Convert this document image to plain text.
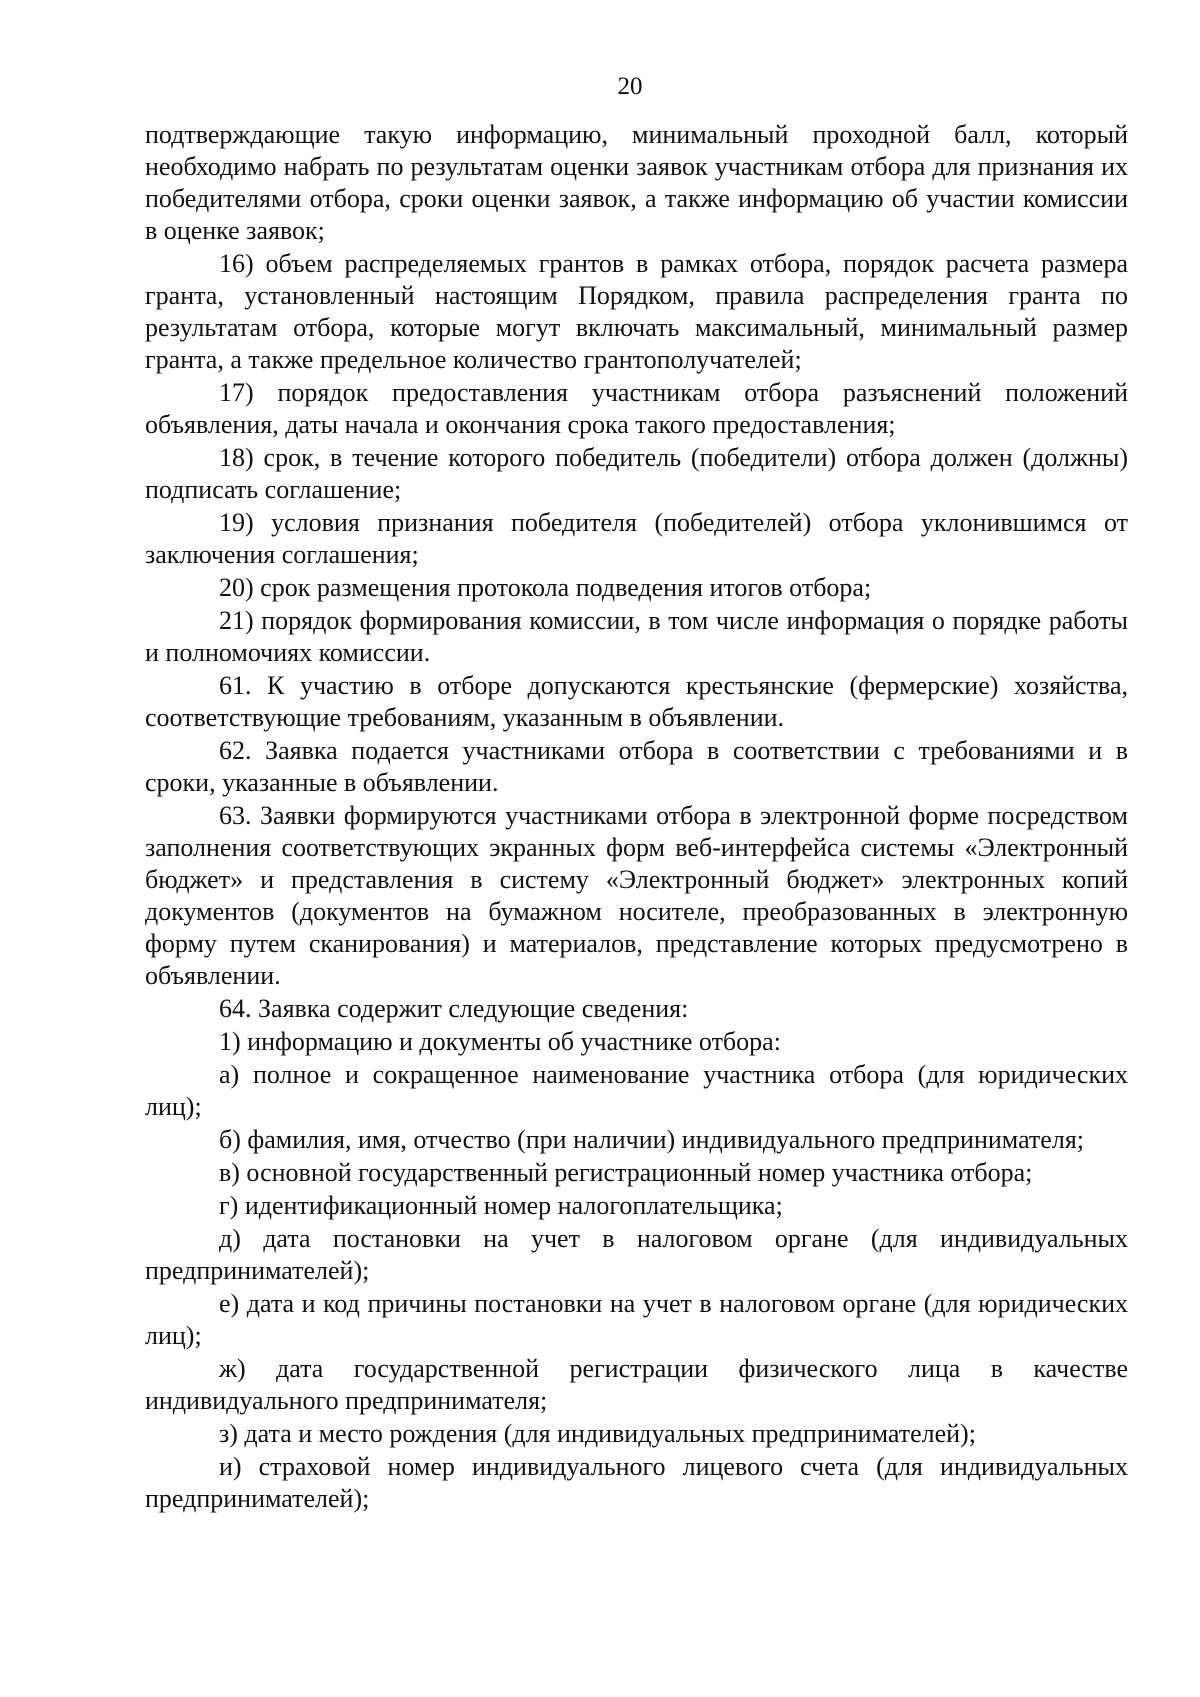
20

подтверждающие такую информацию, минимальный проходной балл, который необходимо набрать по результатам оценки заявок участникам отбора для признания их победителями отбора, сроки оценки заявок, а также информацию об участии комиссии в оценке заявок;

16) объем распределяемых грантов в рамках отбора, порядок расчета размера гранта, установленный настоящим Порядком, правила распределения гранта по результатам отбора, которые могут включать максимальный, минимальный размер гранта, а также предельное количество грантополучателей;

17) порядок предоставления участникам отбора разъяснений положений объявления, даты начала и окончания срока такого предоставления;

18) срок, в течение которого победитель (победители) отбора должен (должны) подписать соглашение;

19) условия признания победителя (победителей) отбора уклонившимся от заключения соглашения;

20) срок размещения протокола подведения итогов отбора;

21) порядок формирования комиссии, в том числе информация о порядке работы и полномочиях комиссии.

61. К участию в отборе допускаются крестьянские (фермерские) хозяйства, соответствующие требованиям, указанным в объявлении.

62. Заявка подается участниками отбора в соответствии с требованиями и в сроки, указанные в объявлении.

63. Заявки формируются участниками отбора в электронной форме посредством заполнения соответствующих экранных форм веб-интерфейса системы «Электронный бюджет» и представления в систему «Электронный бюджет» электронных копий документов (документов на бумажном носителе, преобразованных в электронную форму путем сканирования) и материалов, представление которых предусмотрено в объявлении.

64. Заявка содержит следующие сведения:

1) информацию и документы об участнике отбора:

а) полное и сокращенное наименование участника отбора (для юридических лиц);

б) фамилия, имя, отчество (при наличии) индивидуального предпринимателя;

в) основной государственный регистрационный номер участника отбора;

г) идентификационный номер налогоплательщика;

д) дата постановки на учет в налоговом органе (для индивидуальных предпринимателей);

е) дата и код причины постановки на учет в налоговом органе (для юридических лиц);

ж) дата государственной регистрации физического лица в качестве индивидуального предпринимателя;

з) дата и место рождения (для индивидуальных предпринимателей);

и) страховой номер индивидуального лицевого счета (для индивидуальных предпринимателей);
